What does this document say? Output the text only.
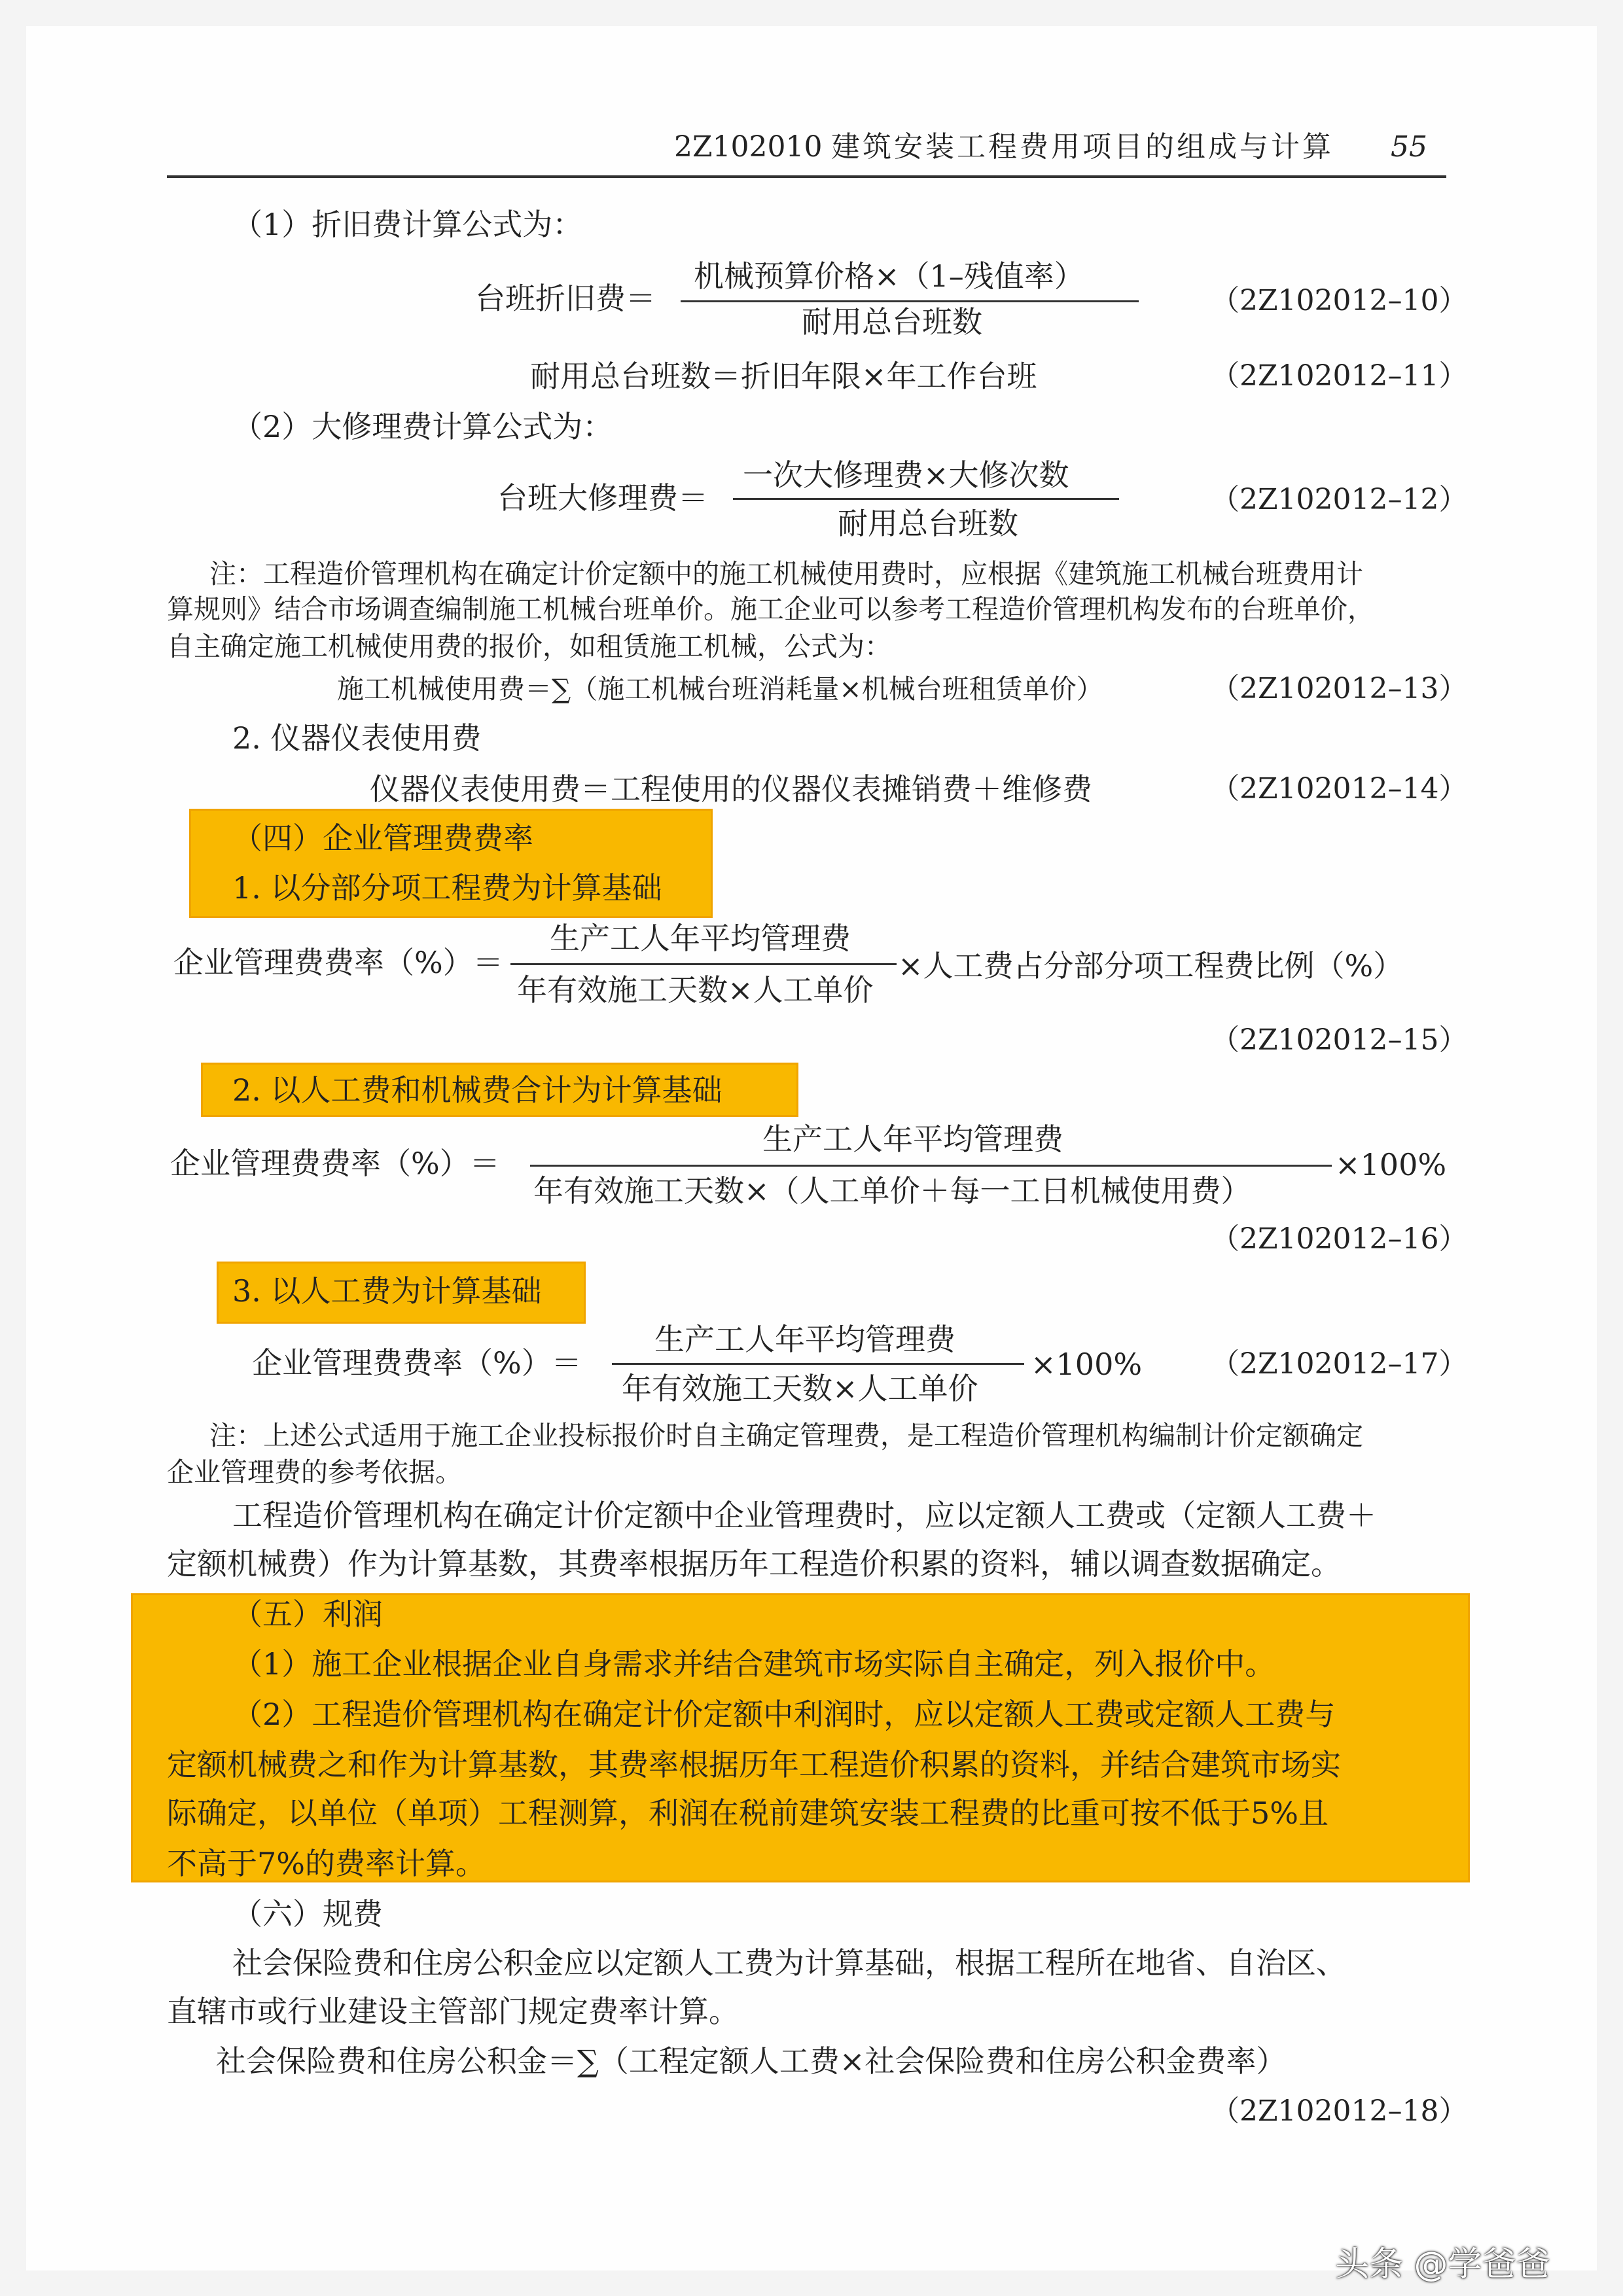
2Z102010 建筑安装工程费用项目的组成与计算 55
（1）折旧费计算公式为：
台班折旧费＝
机械预算价格×（1–残值率）
耐用总台班数
（2Z102012–10）
耐用总台班数＝折旧年限×年工作台班	（2Z102012–11）
（2）大修理费计算公式为：
台班大修理费＝
一次大修理费×大修次数
耐用总台班数
（2Z102012–12）
注：工程造价管理机构在确定计价定额中的施工机械使用费时，应根据《建筑施工机械台班费用计
算规则》结合市场调查编制施工机械台班单价。施工企业可以参考工程造价管理机构发布的台班单价，
自主确定施工机械使用费的报价，如租赁施工机械，公式为：
施工机械使用费＝∑（施工机械台班消耗量×机械台班租赁单价）	（2Z102012–13）
2. 仪器仪表使用费
仪器仪表使用费＝工程使用的仪器仪表摊销费＋维修费	（2Z102012–14）
（四）企业管理费费率
1. 以分部分项工程费为计算基础
企业管理费费率（%）＝
生产工人年平均管理费
年有效施工天数×人工单价
×人工费占分部分项工程费比例（%）
（2Z102012–15）
2. 以人工费和机械费合计为计算基础
企业管理费费率（%）＝
生产工人年平均管理费
年有效施工天数×（人工单价＋每一工日机械使用费）
×100%
（2Z102012–16）
3. 以人工费为计算基础
企业管理费费率（%）＝
生产工人年平均管理费
年有效施工天数×人工单价
×100% （2Z102012–17）
注：上述公式适用于施工企业投标报价时自主确定管理费，是工程造价管理机构编制计价定额确定
企业管理费的参考依据。
工程造价管理机构在确定计价定额中企业管理费时，应以定额人工费或（定额人工费＋
定额机械费）作为计算基数，其费率根据历年工程造价积累的资料，辅以调查数据确定。
（五）利润
（1）施工企业根据企业自身需求并结合建筑市场实际自主确定，列入报价中。
（2）工程造价管理机构在确定计价定额中利润时，应以定额人工费或定额人工费与
定额机械费之和作为计算基数，其费率根据历年工程造价积累的资料，并结合建筑市场实
际确定，以单位（单项）工程测算，利润在税前建筑安装工程费的比重可按不低于5%且
不高于7%的费率计算。
（六）规费
社会保险费和住房公积金应以定额人工费为计算基础，根据工程所在地省、自治区、
直辖市或行业建设主管部门规定费率计算。
社会保险费和住房公积金＝∑（工程定额人工费×社会保险费和住房公积金费率）
（2Z102012–18）
头条 @学爸爸
